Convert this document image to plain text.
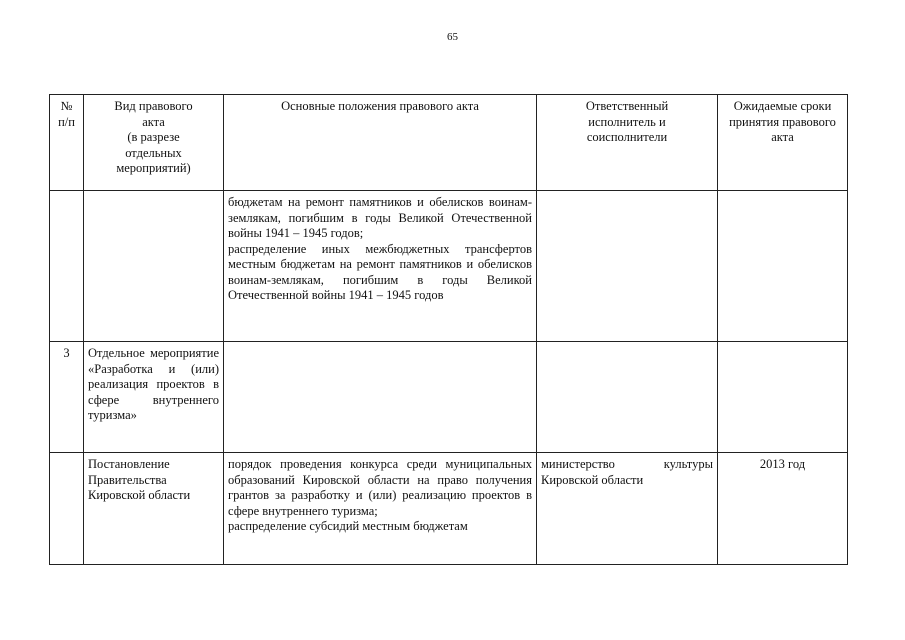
65
№
п/п	Вид правового
акта
(в разрезе
отдельных
мероприятий)	Основные положения правового акта	Ответственный
исполнитель и
соисполнители	Ожидаемые сроки
принятия правового
акта
		бюджетам на ремонт памятников и обелисков воинам-землякам, погибшим в годы Великой Отечественной войны 1941 – 1945 годов;
распределение иных межбюджетных трансфертов местным бюджетам на ремонт памятников и обелисков воинам-землякам, погибшим в годы Великой Отечественной войны 1941 – 1945 годов		
3	Отдельное мероприятие «Разработка и (или) реализация проектов в сфере внутреннего туризма»			
	Постановление Правительства Кировской области	порядок проведения конкурса среди муниципальных образований Кировской области на право получения грантов за разработку и (или) реализацию проектов в сфере внутреннего туризма;
распределение субсидий местным бюджетам	министерство культуры Кировской области	2013 год
